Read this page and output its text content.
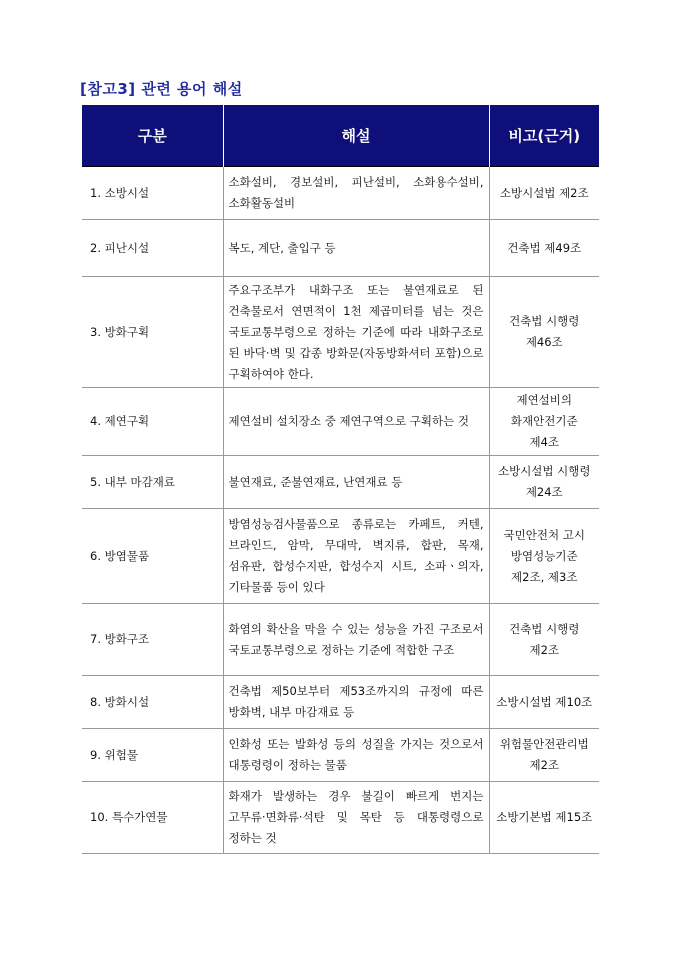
[참고3] 관련 용어 해설
구분	해설	비고(근거)
1. 소방시설	소화설비, 경보설비, 피난설비, 소화용수설비, 소화활동설비	소방시설법 제2조
2. 피난시설	복도, 계단, 출입구 등	건축법 제49조
3. 방화구획	주요구조부가 내화구조 또는 불연재료로 된 건축물로서 연면적이 1천 제곱미터를 넘는 것은 국토교통부령으로 정하는 기준에 따라 내화구조로 된 바닥·벽 및 갑종 방화문(자동방화셔터 포함)으로 구획하여야 한다.	건축법 시행령 제46조
4. 제연구획	제연설비 설치장소 중 제연구역으로 구획하는 것	제연설비의 화재안전기준 제4조
5. 내부 마감재료	불연재료, 준불연재료, 난연재료 등	소방시설법 시행령 제24조
6. 방염물품	방염성능검사물품으로 종류로는 카페트, 커텐, 브라인드, 암막, 무대막, 벽지류, 합판, 목재, 섬유판, 합성수지판, 합성수지 시트, 소파ㆍ의자, 기타물품 등이 있다	국민안전처 고시 방염성능기준 제2조, 제3조
7. 방화구조	화염의 확산을 막을 수 있는 성능을 가진 구조로서 국토교통부령으로 정하는 기준에 적합한 구조	건축법 시행령 제2조
8. 방화시설	건축법 제50보부터 제53조까지의 규정에 따른 방화벽, 내부 마감재료 등	소방시설법 제10조
9. 위험물	인화성 또는 발화성 등의 성질을 가지는 것으로서 대통령령이 정하는 물품	위험물안전관리법 제2조
10. 특수가연물	화재가 발생하는 경우 불길이 빠르게 번지는 고무류·면화류·석탄 및 목탄 등 대통령령으로 정하는 것	소방기본법 제15조
